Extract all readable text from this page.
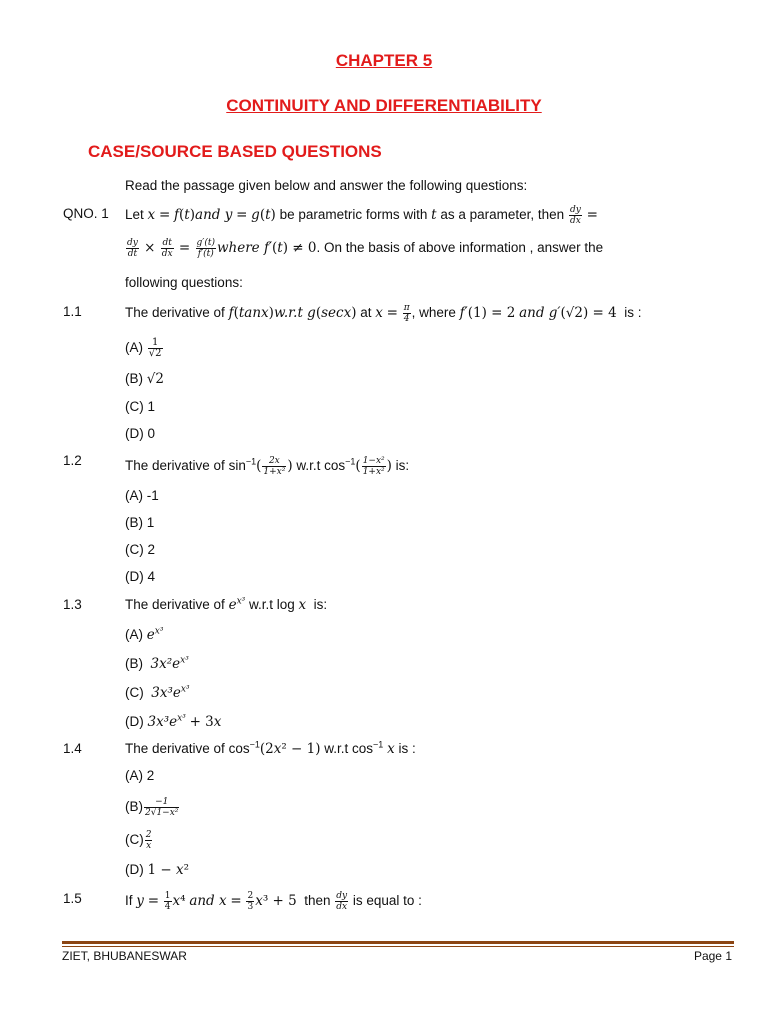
CHAPTER 5
CONTINUITY AND DIFFERENTIABILITY
CASE/SOURCE BASED QUESTIONS
Read the passage given below and answer the following questions:
QNO. 1 Let x = f(t)and y = g(t) be parametric forms with t as a parameter, then $\frac{dy}{dx}$ =
$\frac{dy}{dt} \times \frac{dt}{dx} = \frac{g'(t)}{f'(t)}$ where f′(t) ≠ 0. On the basis of above information , answer the
following questions:
1.1	The derivative of f(tanx)w.r.t g(secx) at $x = \frac{\pi}{4}$ , where f′(1) = 2 and g′(√2) = 4  is :
$(A) \frac{1}{√2}$
(B) √2
(C) 1
(D) 0
1.2	The derivative of $\sin^{-1}( \frac{2x}{\text{1+x²}}$ ) w.r.t $\cos^{-1}( \frac{\text{1−x²}}{\text{1+x²}}$ ) is:
(A) -1
(B) 1
(C) 2
(D) 4
1.3	The derivative of $e^{x^3}$ w.r.t log x  is:
(A) $e^{x^3}$
(B) $3x^2e^{x^3}$
(C) $3x^3e^{x^3}$
(D) $3x^3e^{x^3} + 3x$
1.4	The derivative of $\cos^{-1}(2x^2 - 1)$ w.r.t $\cos^{-1} x$ is :
(A) 2
$(B) \frac{-1}{\text{2√1−x²}}$
$(C) \frac{2}{x}$
(D) 1 − x²
1.5	If $y = \frac{1}{4} x^4$ and $x = \frac{2}{3} x^3 + 5$  then $\frac{dy}{dx}$ is equal to :
ZIET, BHUBANESWAR	Page 1
